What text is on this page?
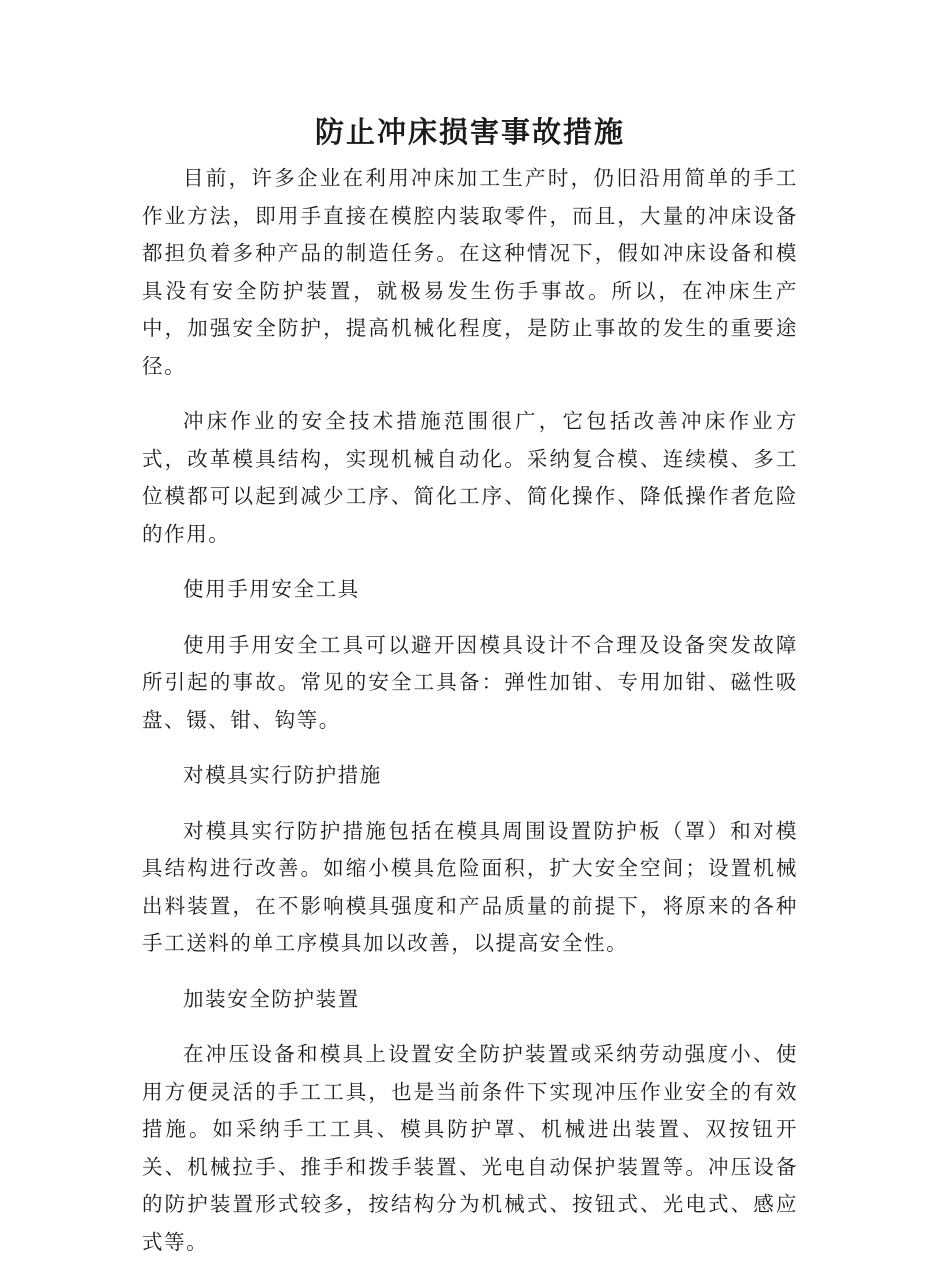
防止冲床损害事故措施

目前，许多企业在利用冲床加工生产时，仍旧沿用简单的手工作业方法，即用手直接在模腔内装取零件，而且，大量的冲床设备都担负着多种产品的制造任务。在这种情况下，假如冲床设备和模具没有安全防护装置，就极易发生伤手事故。所以，在冲床生产中，加强安全防护，提高机械化程度，是防止事故的发生的重要途径。

冲床作业的安全技术措施范围很广，它包括改善冲床作业方式，改革模具结构，实现机械自动化。采纳复合模、连续模、多工位模都可以起到减少工序、简化工序、简化操作、降低操作者危险的作用。

使用手用安全工具

使用手用安全工具可以避开因模具设计不合理及设备突发故障所引起的事故。常见的安全工具备：弹性加钳、专用加钳、磁性吸盘、镊、钳、钩等。

对模具实行防护措施

对模具实行防护措施包括在模具周围设置防护板（罩）和对模具结构进行改善。如缩小模具危险面积，扩大安全空间；设置机械出料装置，在不影响模具强度和产品质量的前提下，将原来的各种手工送料的单工序模具加以改善，以提高安全性。

加装安全防护装置

在冲压设备和模具上设置安全防护装置或采纳劳动强度小、使用方便灵活的手工工具，也是当前条件下实现冲压作业安全的有效措施。如采纳手工工具、模具防护罩、机械进出装置、双按钮开关、机械拉手、推手和拨手装置、光电自动保护装置等。冲压设备的防护装置形式较多，按结构分为机械式、按钮式、光电式、感应式等。
